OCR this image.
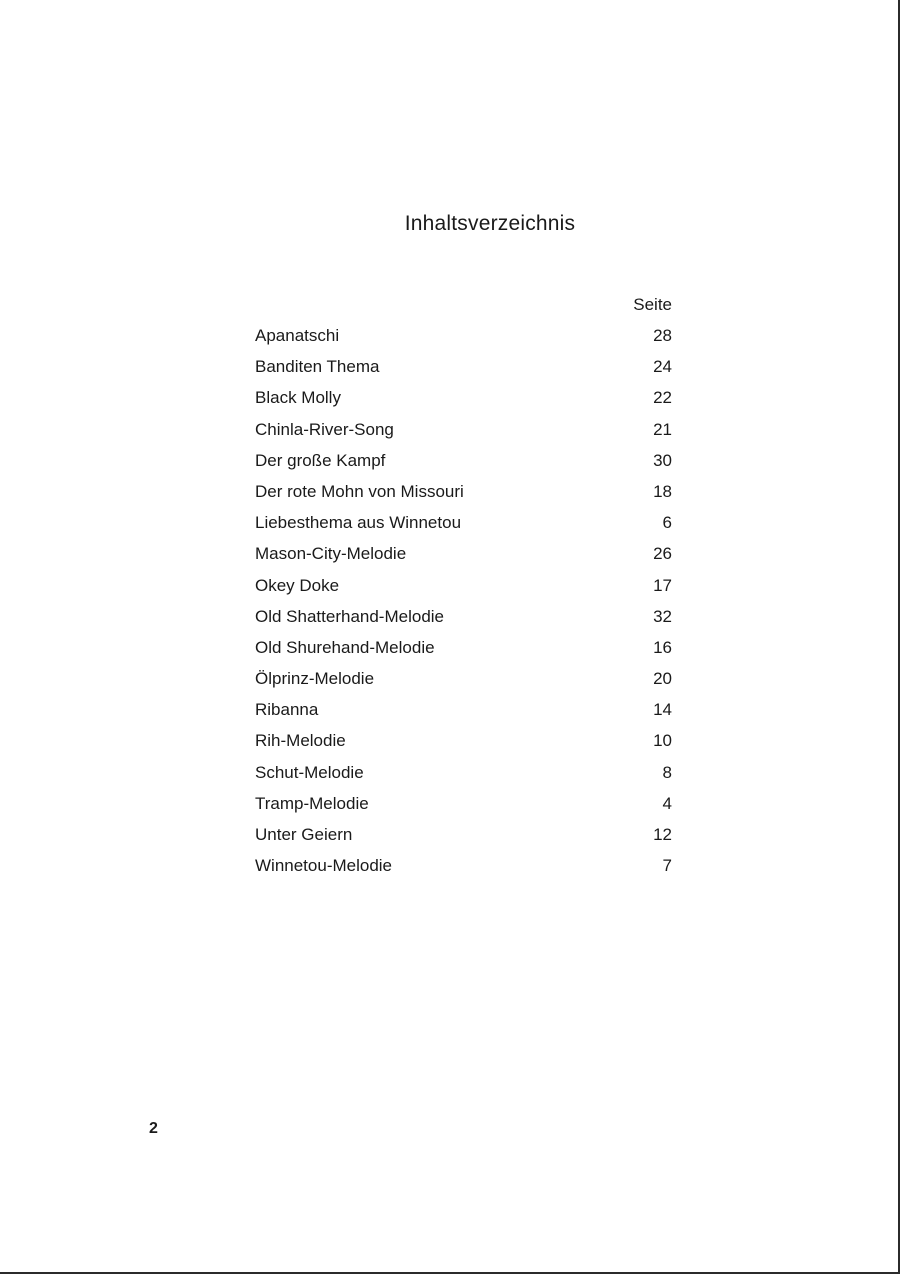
Inhaltsverzeichnis
Seite
Apanatschi	28
Banditen Thema	24
Black Molly	22
Chinla-River-Song	21
Der große Kampf	30
Der rote Mohn von Missouri	18
Liebesthema aus Winnetou	6
Mason-City-Melodie	26
Okey Doke	17
Old Shatterhand-Melodie	32
Old Shurehand-Melodie	16
Ölprinz-Melodie	20
Ribanna	14
Rih-Melodie	10
Schut-Melodie	8
Tramp-Melodie	4
Unter Geiern	12
Winnetou-Melodie	7
2
